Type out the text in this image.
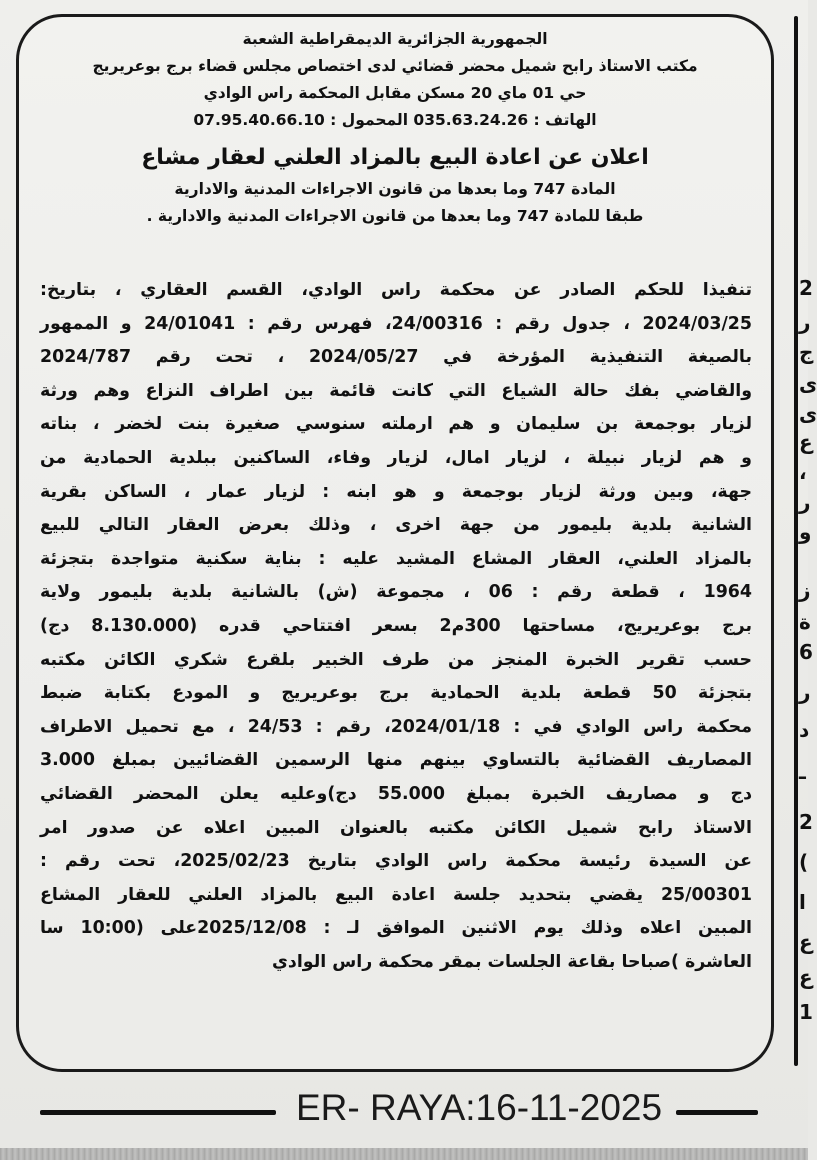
الجمهورية الجزائرية الديمقراطية الشعبة
مكتب الاستاذ رابح شميل محضر قضائي لدى اختصاص مجلس قضاء برج بوعريريج
حي 01 ماي 20 مسكن مقابل المحكمة راس الوادي
الهاتف : 035.63.24.26 المحمول : 07.95.40.66.10
اعلان عن اعادة البيع بالمزاد العلني لعقار مشاع
المادة 747 وما بعدها من قانون الاجراءات المدنية والادارية
طبقا للمادة 747 وما بعدها من قانون الاجراءات المدنية والادارية .
تنفيذا للحكم الصادر عن محكمة راس الوادي، القسم العقاري ، بتاريخ:
2024/03/25 ، جدول رقم : 24/00316، فهرس رقم : 24/01041 و الممهور
بالصيغة التنفيذية المؤرخة في 2024/05/27 ، تحت رقم 2024/787
والقاضي بفك حالة الشياع التي كانت قائمة بين اطراف النزاع وهم ورثة
لزيار بوجمعة بن سليمان و هم ارملته سنوسي صغيرة بنت لخضر ، بناته
و هم لزيار نبيلة ، لزيار امال، لزيار وفاء، الساكنين ببلدية الحمادية من
جهة، وبين ورثة لزيار بوجمعة و هو ابنه : لزيار عمار ، الساكن بقرية
الشانية بلدية بليمور من جهة اخرى ، وذلك بعرض العقار التالي للبيع
بالمزاد العلني، العقار المشاع المشيد عليه : بناية سكنية متواجدة بتجزئة
1964 ، قطعة رقم : 06 ، مجموعة (ش) بالشانية بلدية بليمور ولاية
برج بوعريريج، مساحتها 300م2 بسعر افتتاحي قدره (8.130.000 دج)
حسب تقرير الخبرة المنجز من طرف الخبير بلقرع شكري الكائن مكتبه
بتجزئة 50 قطعة بلدية الحمادية برج بوعريريج و المودع بكتابة ضبط
محكمة راس الوادي في : 2024/01/18، رقم : 24/53 ، مع تحميل الاطراف
المصاريف القضائية بالتساوي بينهم منها الرسمين القضائيين بمبلغ 3.000
دج و مصاريف الخبرة بمبلغ 55.000 دج)وعليه يعلن المحضر القضائي
الاستاذ رابح شميل الكائن مكتبه بالعنوان المبين اعلاه عن صدور امر
عن السيدة رئيسة محكمة راس الوادي بتاريخ 2025/02/23، تحت رقم :
25/00301 يقضي بتحديد جلسة اعادة البيع بالمزاد العلني للعقار المشاع
المبين اعلاه وذلك يوم الاثنين الموافق لـ : 2025/12/08على (10:00 سا
العاشرة )صباحا بقاعة الجلسات بمقر محكمة راس الوادي
ER- RAYA:16-11-2025
2
ر
ج
ى
ى
ع
،
ر
و
ز
ة
6
ر
د
ـ
2
(
ا
ع
ع
1
